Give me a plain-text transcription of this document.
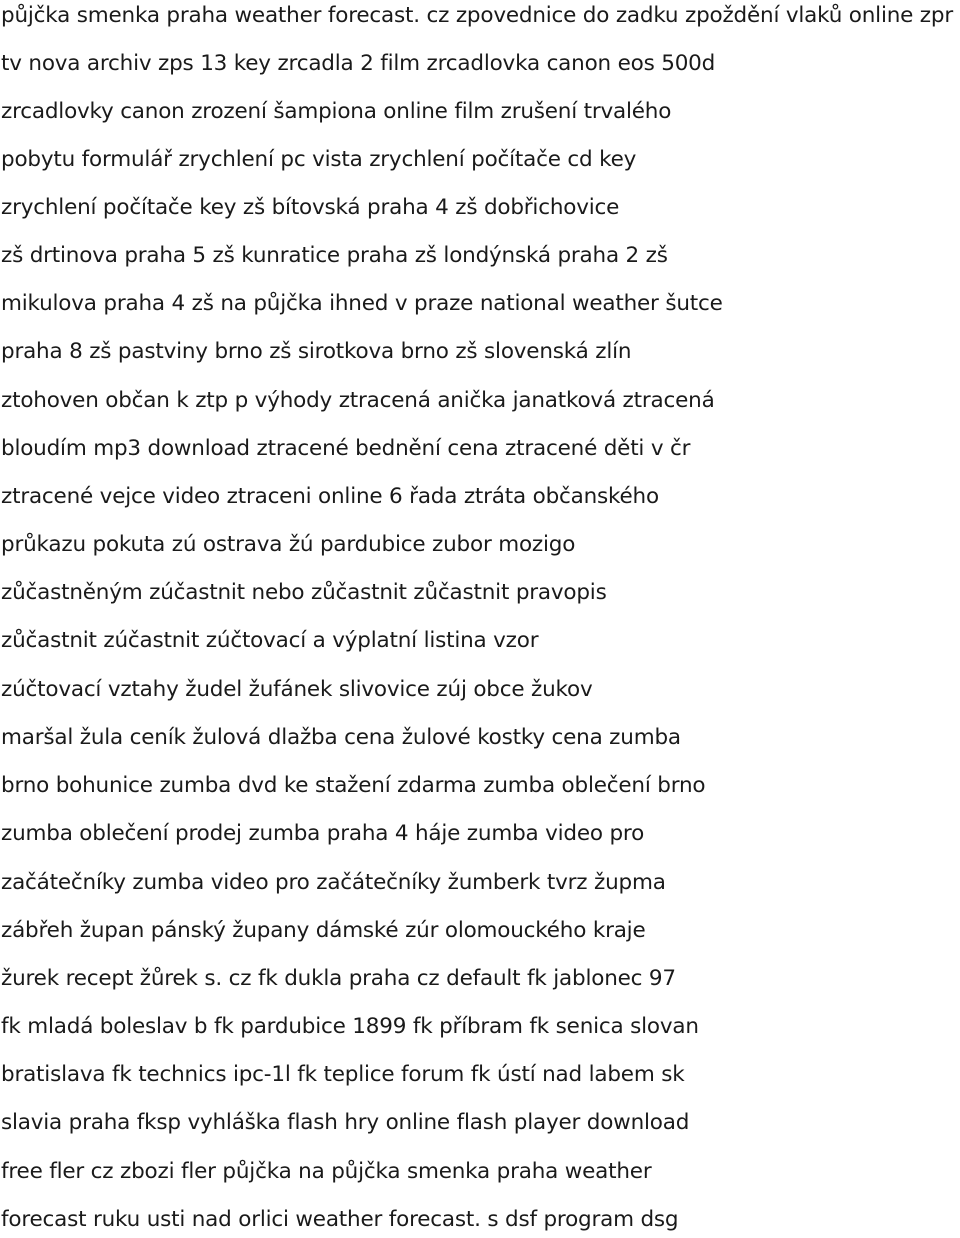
půjčka smenka praha weather forecast. cz zpovednice do zadku zpoždění vlaků online zpr
tv nova archiv zps 13 key zrcadla 2 film zrcadlovka canon eos 500d
zrcadlovky canon zrození šampiona online film zrušení trvalého
pobytu formulář zrychlení pc vista zrychlení počítače cd key
zrychlení počítače key zš bítovská praha 4 zš dobřichovice
zš drtinova praha 5 zš kunratice praha zš londýnská praha 2 zš
mikulova praha 4 zš na půjčka ihned v praze national weather šutce
praha 8 zš pastviny brno zš sirotkova brno zš slovenská zlín
ztohoven občan k ztp p výhody ztracená anička janatková ztracená
bloudím mp3 download ztracené bednění cena ztracené děti v čr
ztracené vejce video ztraceni online 6 řada ztráta občanského
průkazu pokuta zú ostrava žú pardubice zubor mozigo
zůčastněným zúčastnit nebo zůčastnit zůčastnit pravopis
zůčastnit zúčastnit zúčtovací a výplatní listina vzor
zúčtovací vztahy žudel žufánek slivovice zúj obce žukov
maršal žula ceník žulová dlažba cena žulové kostky cena zumba
brno bohunice zumba dvd ke stažení zdarma zumba oblečení brno
zumba oblečení prodej zumba praha 4 háje zumba video pro
začátečníky zumba video pro začátečníky žumberk tvrz župma
zábřeh župan pánský župany dámské zúr olomouckého kraje
žurek recept žůrek s. cz fk dukla praha cz default fk jablonec 97
fk mladá boleslav b fk pardubice 1899 fk příbram fk senica slovan
bratislava fk technics ipc-1l fk teplice forum fk ústí nad labem sk
slavia praha fksp vyhláška flash hry online flash player download
free fler cz zbozi fler půjčka na půjčka smenka praha weather
forecast ruku usti nad orlici weather forecast. s dsf program dsg
